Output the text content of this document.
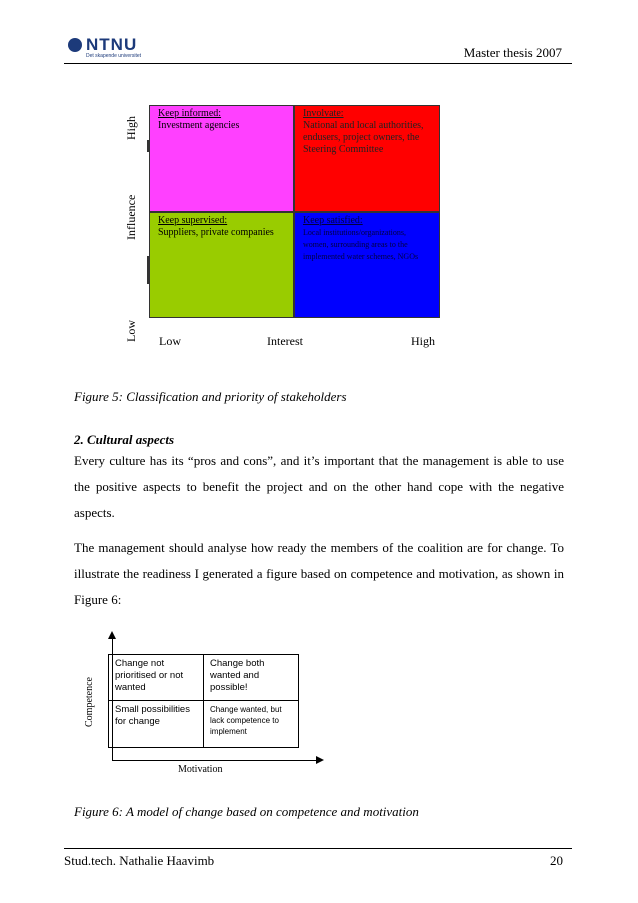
NTNU
Det skapende universitet	Master thesis 2007
High
Influence
Low
Keep informed:
Investment agencies
Involvate:
National and local authorities, endusers, project owners, the Steering Committee
Keep supervised:
Suppliers, private companies
Keep satisfied:
Local institutions/organizations, women, surrounding areas to the implemented water schemes, NGOs
Low	Interest	High
Figure 5: Classification and priority of stakeholders
2. Cultural aspects
Every culture has its “pros and cons”, and it’s important that the management is able to use the positive aspects to benefit the project and on the other hand cope with the negative aspects.
The management should analyse how ready the members of the coalition are for change. To illustrate the readiness I generated a figure based on competence and motivation, as shown in Figure 6:
Change not prioritised or not wanted
Change both wanted and possible!
Small possibilities for change
Change wanted, but lack competence to implement
Competence
Motivation
Figure 6: A model of change based on competence and motivation
Stud.tech. Nathalie Haavimb	20
